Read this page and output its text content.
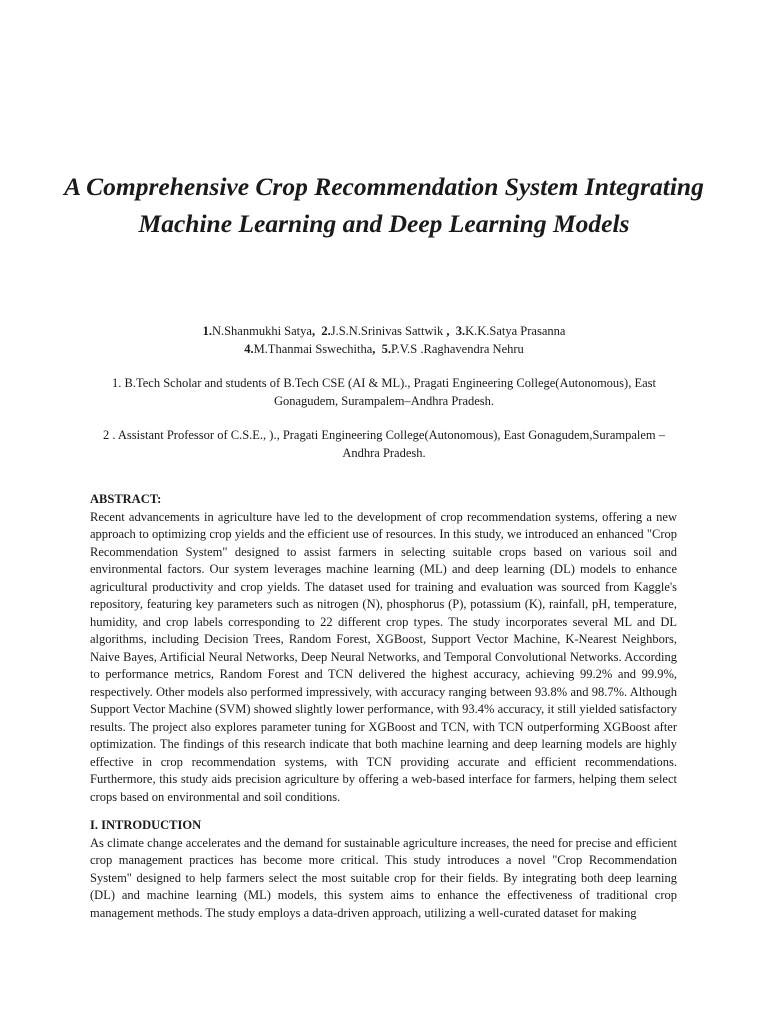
A Comprehensive Crop Recommendation System Integrating Machine Learning and Deep Learning Models
1.N.Shanmukhi Satya,  2.J.S.N.Srinivas Sattwik ,  3.K.K.Satya Prasanna
4.M.Thanmai Sswechitha,  5.P.V.S .Raghavendra Nehru
1. B.Tech Scholar and students of B.Tech CSE (AI & ML)., Pragati Engineering College(Autonomous), East Gonagudem, Surampalem–Andhra Pradesh.
2 . Assistant Professor of C.S.E., )., Pragati Engineering College(Autonomous), East Gonagudem,Surampalem – Andhra Pradesh.

ABSTRACT:

Recent advancements in agriculture have led to the development of crop recommendation systems, offering a new approach to optimizing crop yields and the efficient use of resources. In this study, we introduced an enhanced "Crop Recommendation System" designed to assist farmers in selecting suitable crops based on various soil and environmental factors. Our system leverages machine learning (ML) and deep learning (DL) models to enhance agricultural productivity and crop yields. The dataset used for training and evaluation was sourced from Kaggle's repository, featuring key parameters such as nitrogen (N), phosphorus (P), potassium (K), rainfall, pH, temperature, humidity, and crop labels corresponding to 22 different crop types. The study incorporates several ML and DL algorithms, including Decision Trees, Random Forest, XGBoost, Support Vector Machine, K-Nearest Neighbors, Naive Bayes, Artificial Neural Networks, Deep Neural Networks, and Temporal Convolutional Networks. According to performance metrics, Random Forest and TCN delivered the highest accuracy, achieving 99.2% and 99.9%, respectively. Other models also performed impressively, with accuracy ranging between 93.8% and 98.7%. Although Support Vector Machine (SVM) showed slightly lower performance, with 93.4% accuracy, it still yielded satisfactory results. The project also explores parameter tuning for XGBoost and TCN, with TCN outperforming XGBoost after optimization. The findings of this research indicate that both machine learning and deep learning models are highly effective in crop recommendation systems, with TCN providing accurate and efficient recommendations. Furthermore, this study aids precision agriculture by offering a web-based interface for farmers, helping them select crops based on environmental and soil conditions.

I. INTRODUCTION

As climate change accelerates and the demand for sustainable agriculture increases, the need for precise and efficient crop management practices has become more critical. This study introduces a novel "Crop Recommendation System" designed to help farmers select the most suitable crop for their fields. By integrating both deep learning (DL) and machine learning (ML) models, this system aims to enhance the effectiveness of traditional crop management methods. The study employs a data-driven approach, utilizing a well-curated dataset for making
